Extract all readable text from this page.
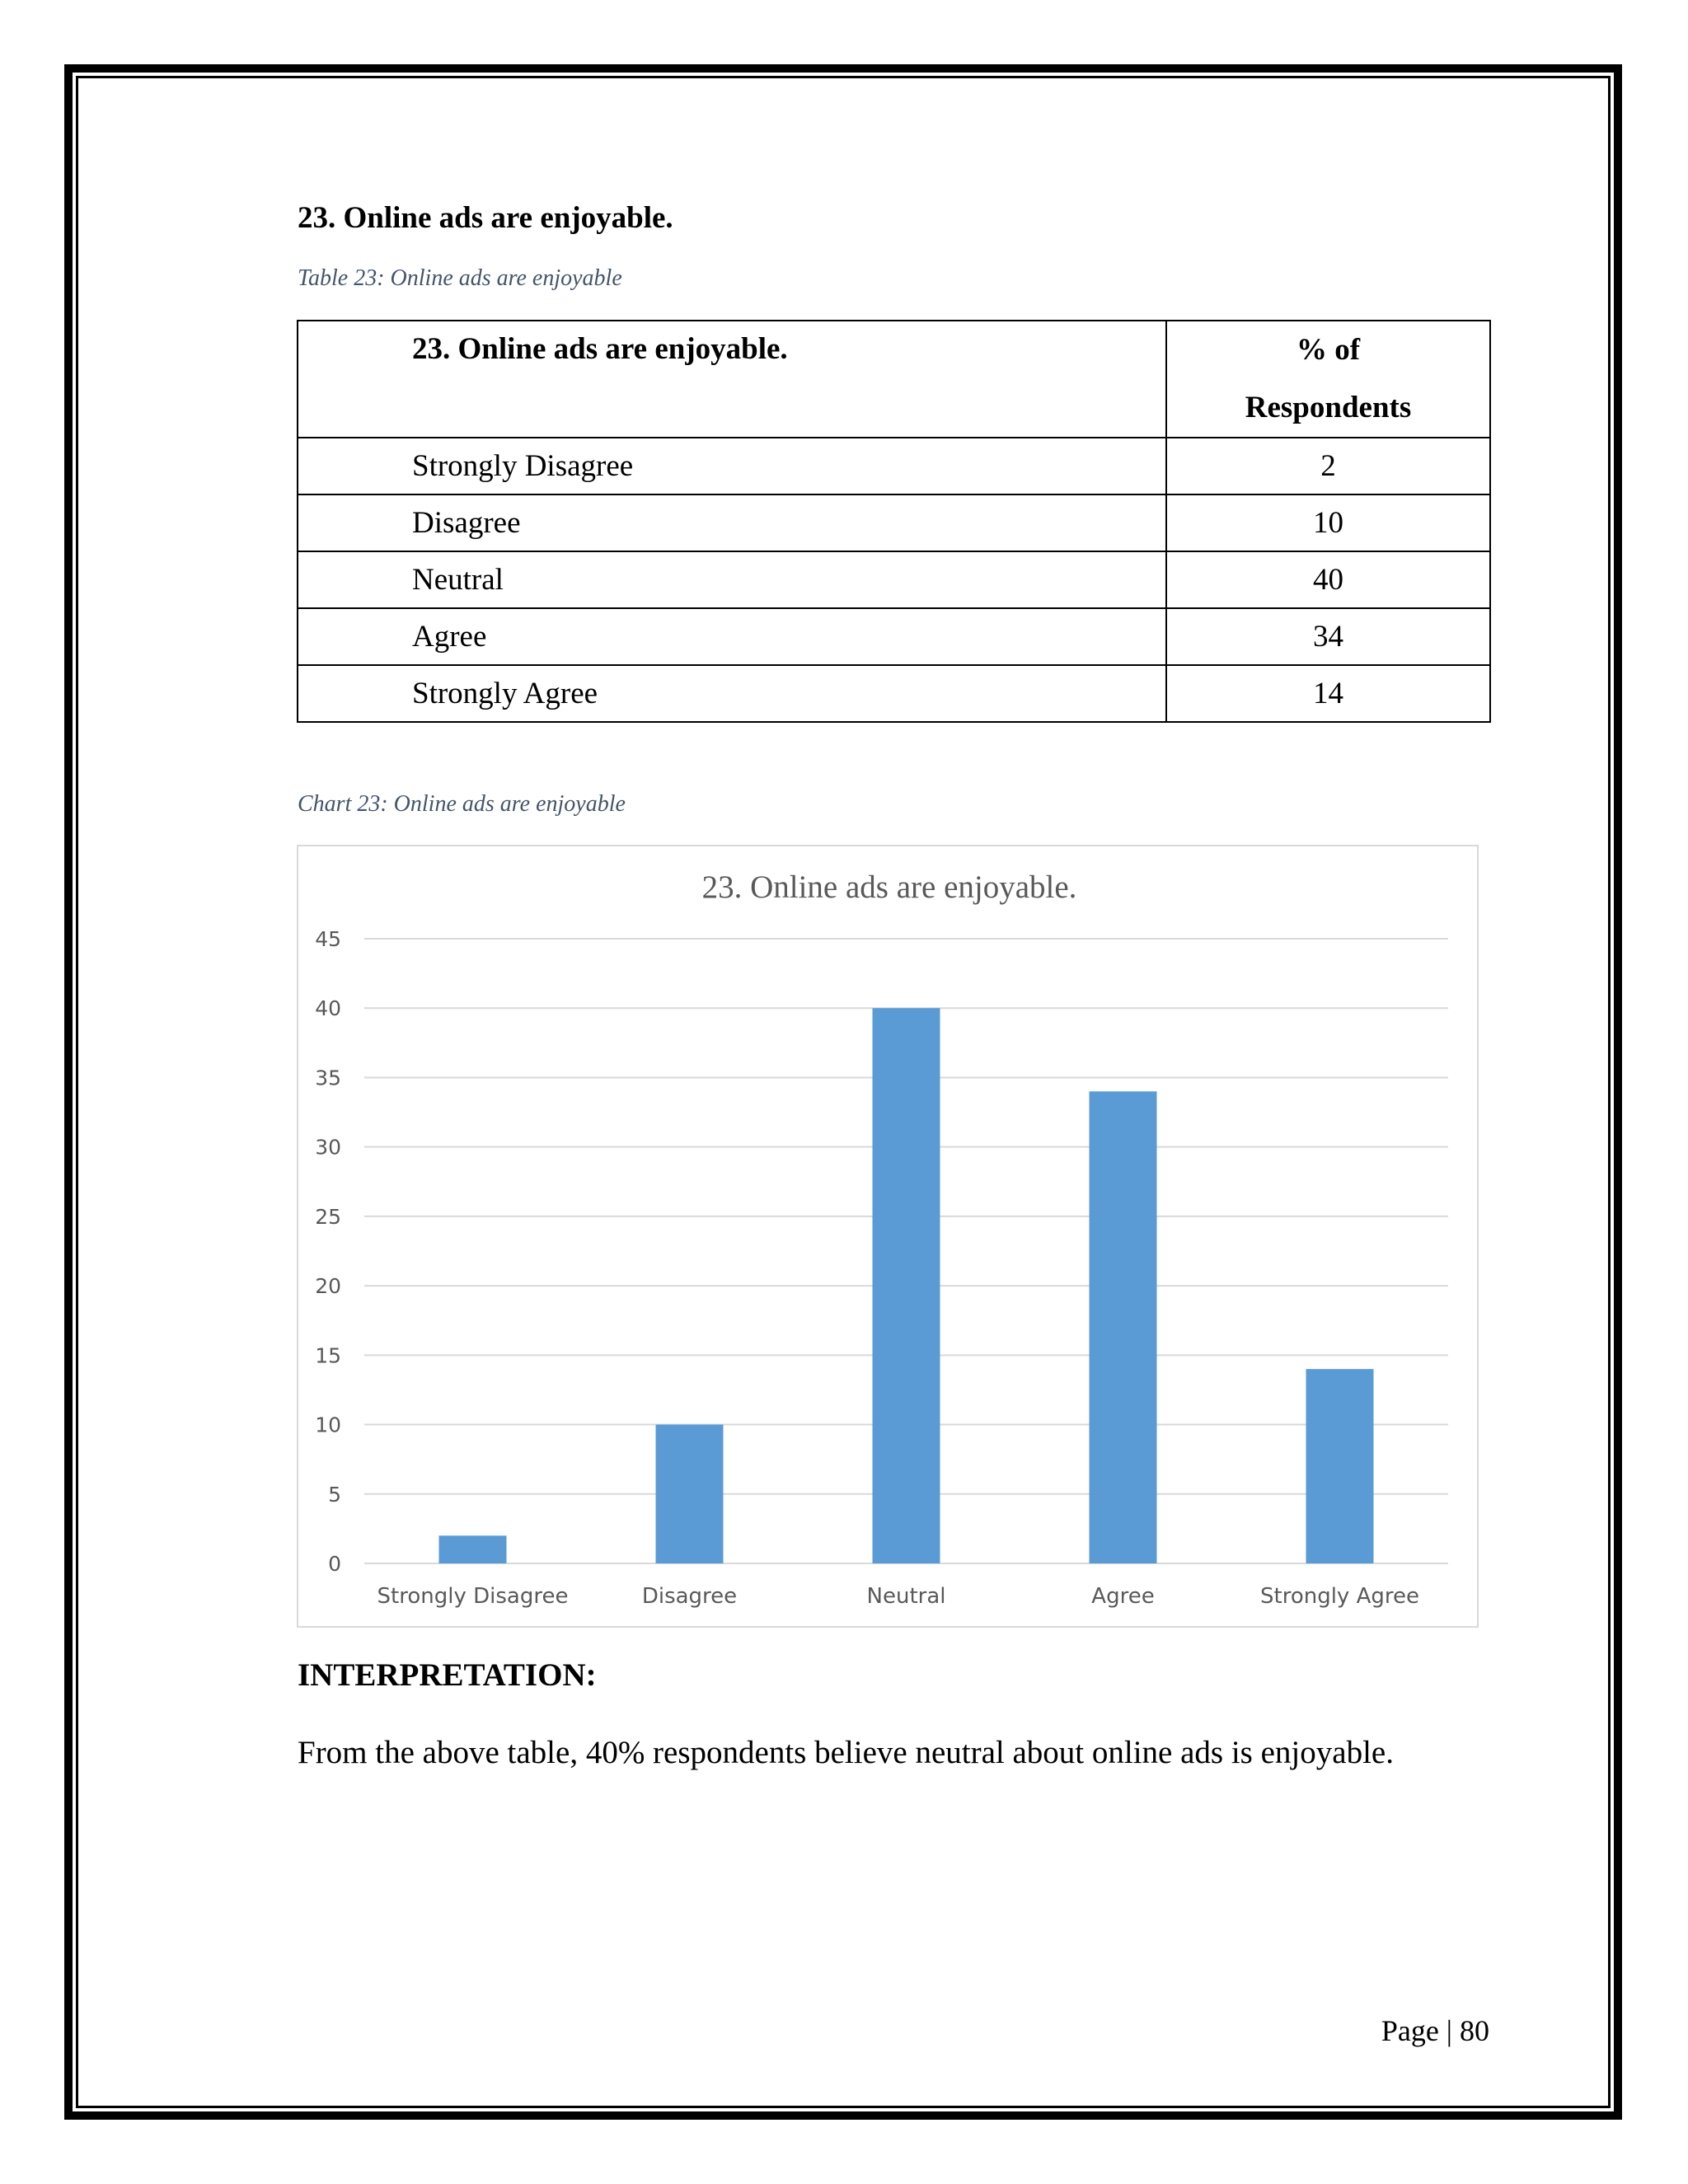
23. Online ads are enjoyable.
Table 23: Online ads are enjoyable
23. Online ads are enjoyable.	% of
Respondents

Strongly Disagree	2
Disagree	10
Neutral	40
Agree	34
Strongly Agree	14
Chart 23: Online ads are enjoyable
23. Online ads are enjoyable.
0
5
10
15
20
25
30
35
40
45
Strongly Disagree	Disagree	Neutral	Agree	Strongly Agree
INTERPRETATION:
From the above table, 40% respondents believe neutral about online ads is enjoyable.
Page | 80
